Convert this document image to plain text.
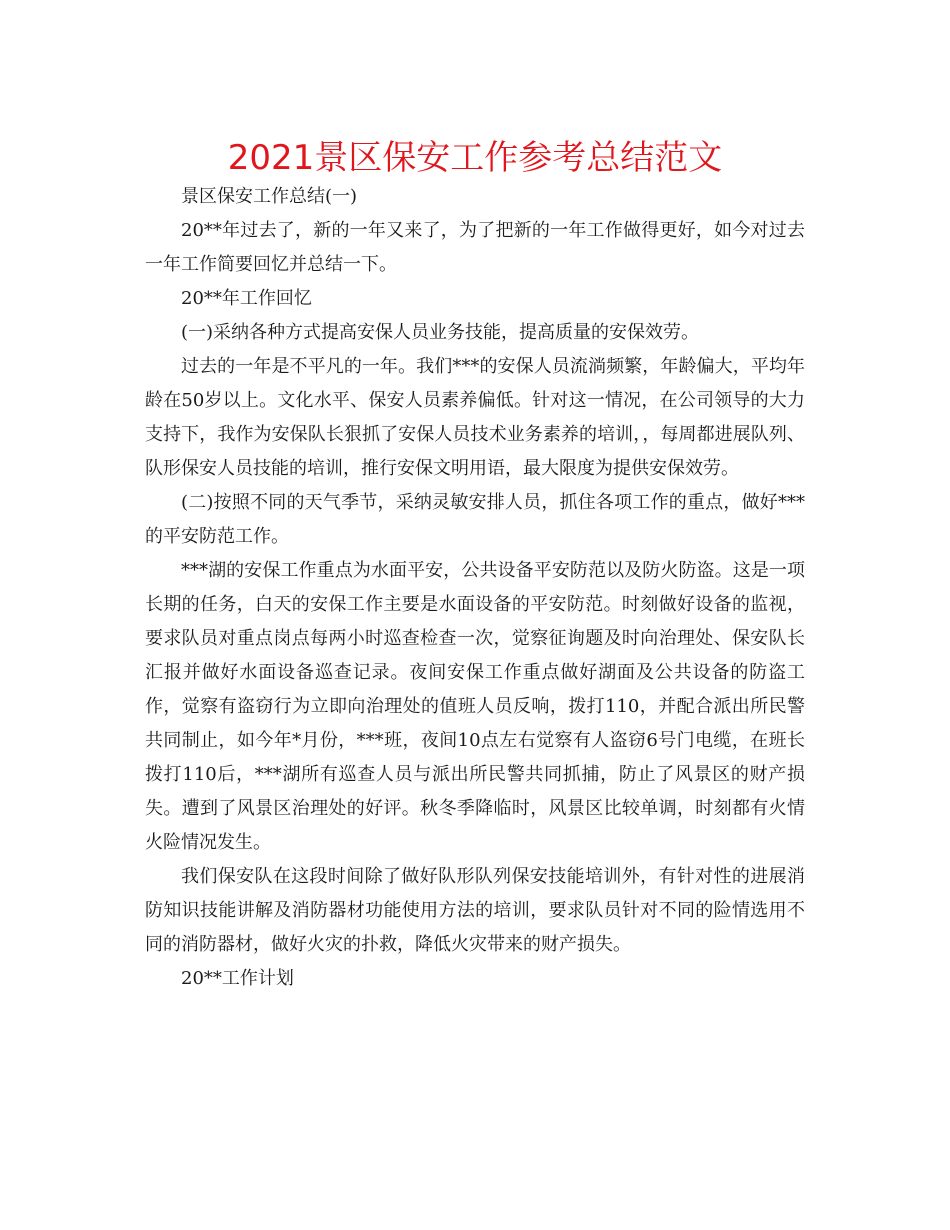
2021景区保安工作参考总结范文

景区保安工作总结(一)

20**年过去了，新的一年又来了，为了把新的一年工作做得更好，如今对过去一年工作简要回忆并总结一下。

20**年工作回忆

(一)采纳各种方式提高安保人员业务技能，提高质量的安保效劳。

过去的一年是不平凡的一年。我们***的安保人员流淌频繁，年龄偏大，平均年龄在50岁以上。文化水平、保安人员素养偏低。针对这一情况，在公司领导的大力支持下，我作为安保队长狠抓了安保人员技术业务素养的培训，，每周都进展队列、队形保安人员技能的培训，推行安保文明用语，最大限度为提供安保效劳。

(二)按照不同的天气季节，采纳灵敏安排人员，抓住各项工作的重点，做好***的平安防范工作。

***湖的安保工作重点为水面平安，公共设备平安防范以及防火防盗。这是一项长期的任务，白天的安保工作主要是水面设备的平安防范。时刻做好设备的监视，要求队员对重点岗点每两小时巡查检查一次，觉察征询题及时向治理处、保安队长汇报并做好水面设备巡查记录。夜间安保工作重点做好湖面及公共设备的防盗工作，觉察有盗窃行为立即向治理处的值班人员反响，拨打110，并配合派出所民警共同制止，如今年*月份，***班，夜间10点左右觉察有人盗窃6号门电缆，在班长拨打110后，***湖所有巡查人员与派出所民警共同抓捕，防止了风景区的财产损失。遭到了风景区治理处的好评。秋冬季降临时，风景区比较单调，时刻都有火情火险情况发生。

我们保安队在这段时间除了做好队形队列保安技能培训外，有针对性的进展消防知识技能讲解及消防器材功能使用方法的培训，要求队员针对不同的险情选用不同的消防器材，做好火灾的扑救，降低火灾带来的财产损失。

20**工作计划
